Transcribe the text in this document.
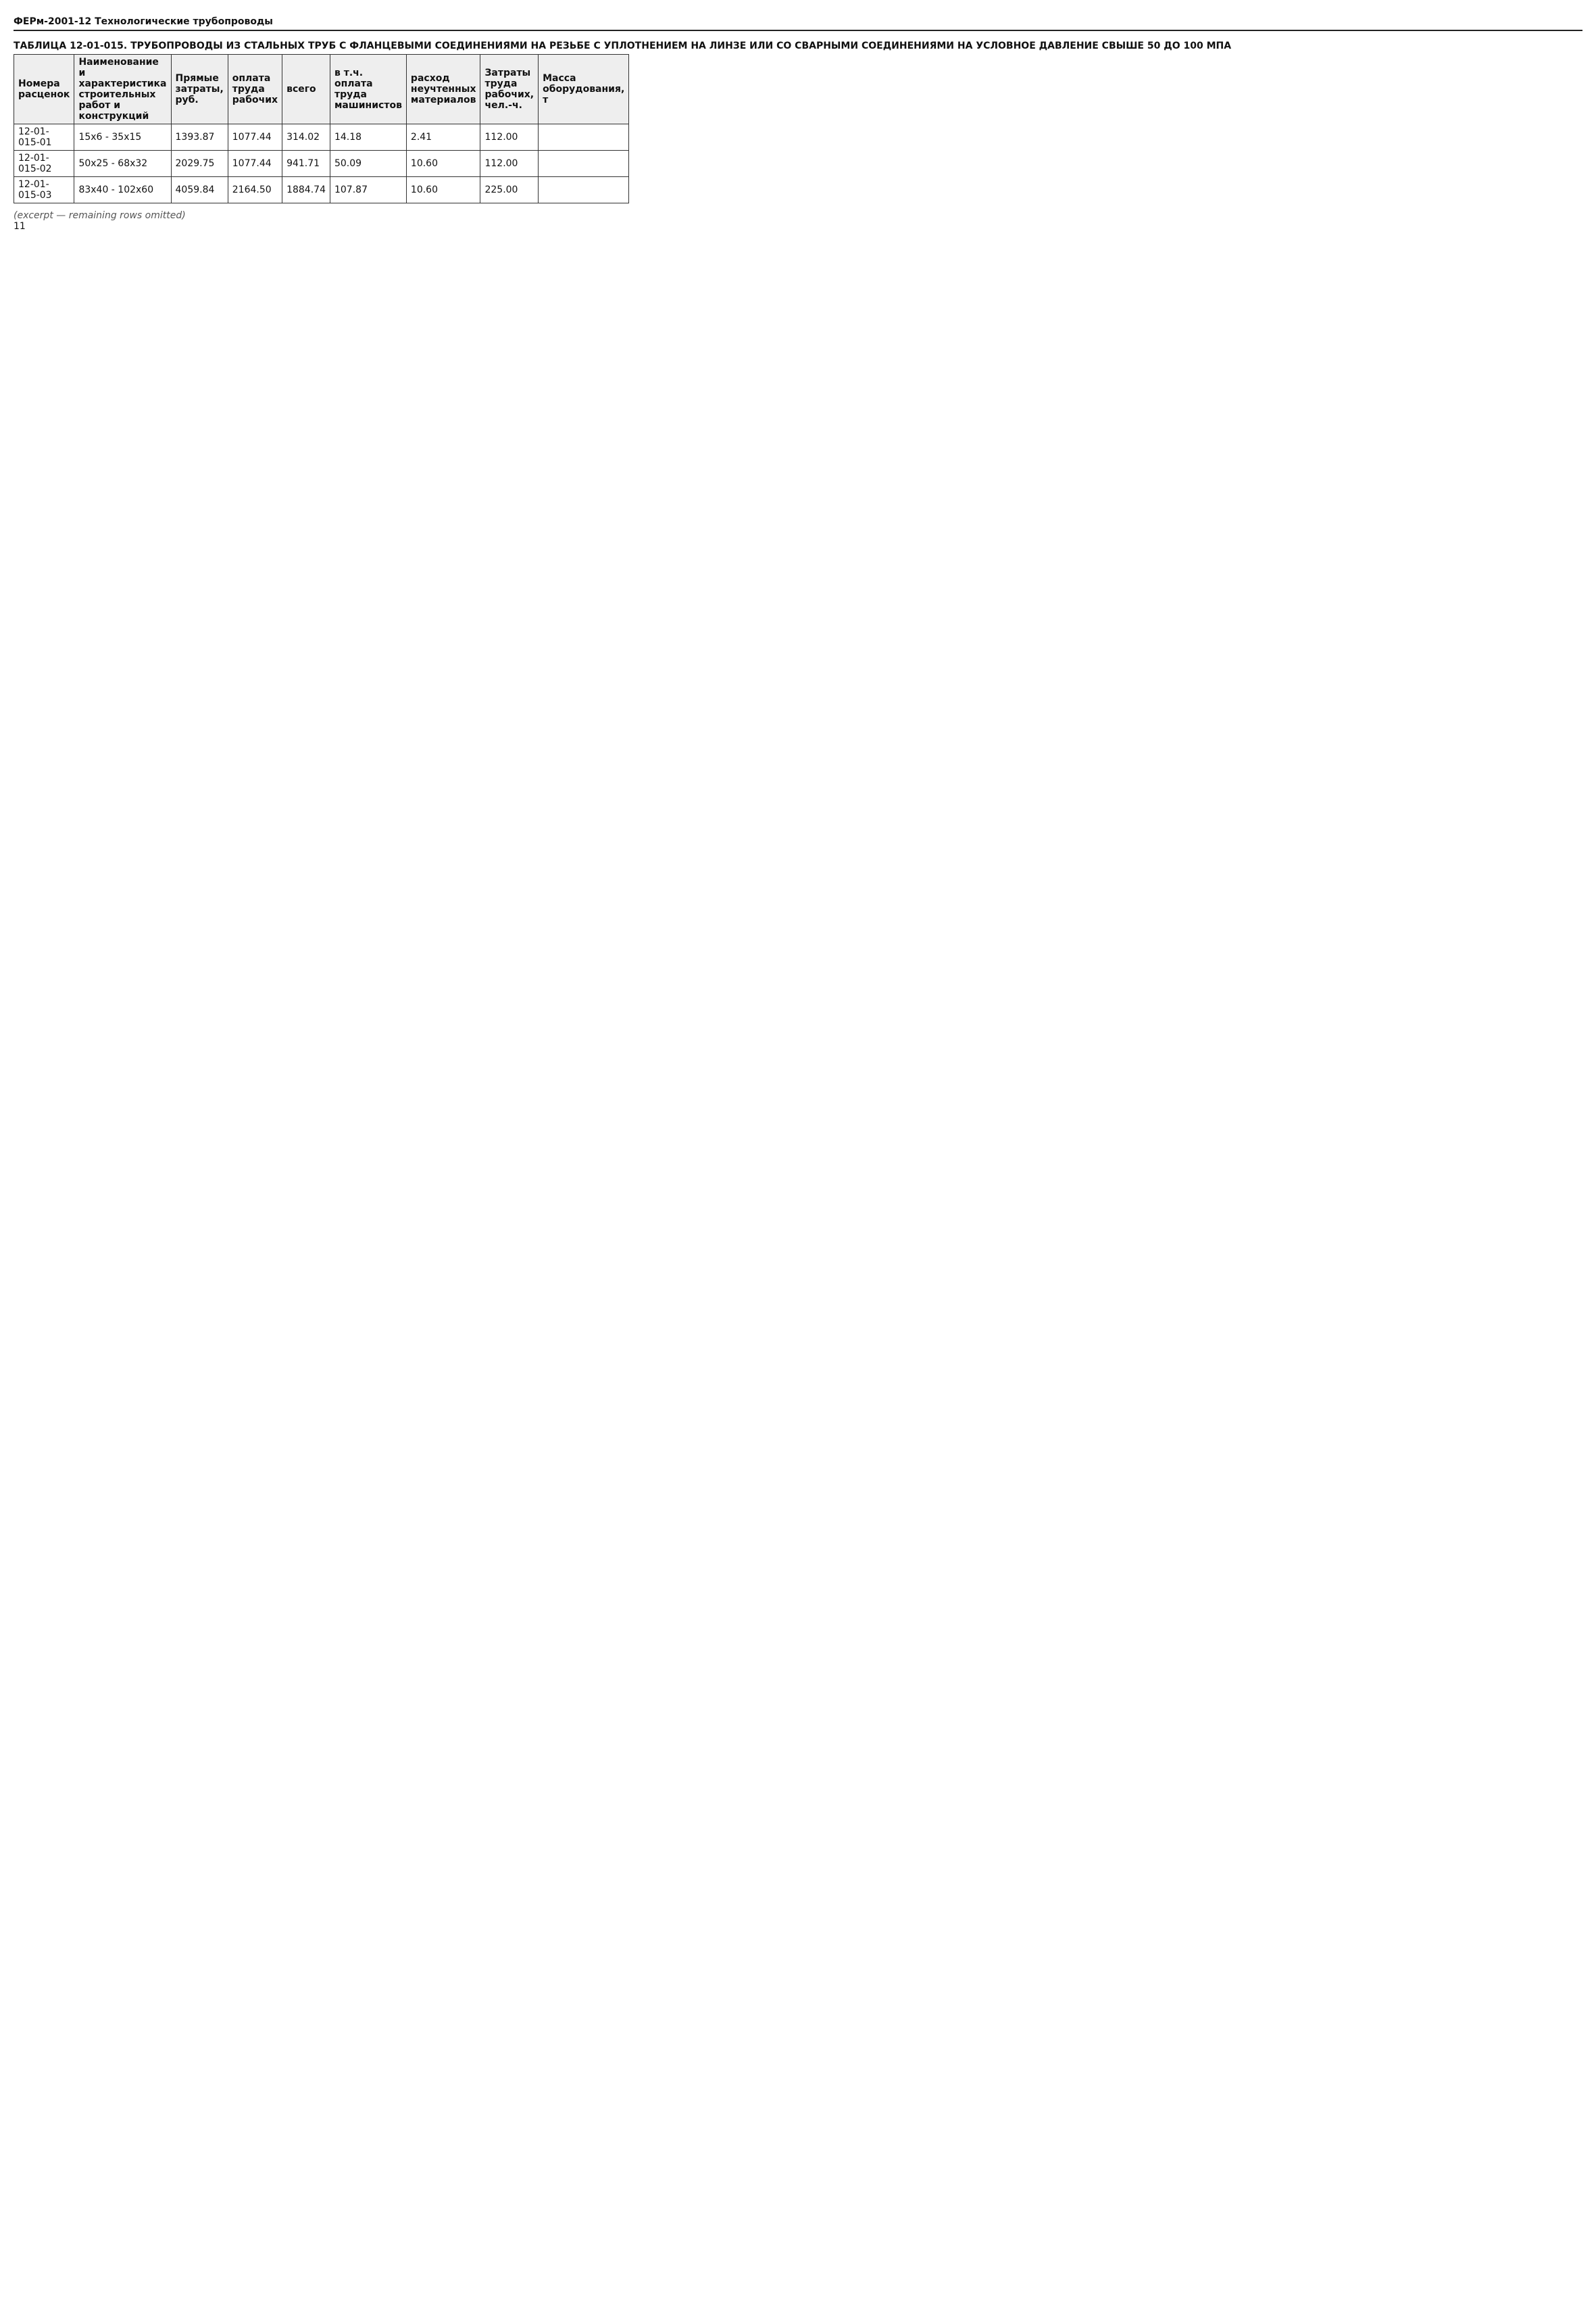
ФЕРм-2001-12 Технологические трубопроводы
ТАБЛИЦА 12-01-015. ТРУБОПРОВОДЫ ИЗ СТАЛЬНЫХ ТРУБ С ФЛАНЦЕВЫМИ СОЕДИНЕНИЯМИ НА РЕЗЬБЕ С УПЛОТНЕНИЕМ НА ЛИНЗЕ ИЛИ СО СВАРНЫМИ СОЕДИНЕНИЯМИ НА УСЛОВНОЕ ДАВЛЕНИЕ СВЫШЕ 50 ДО 100 МПА
Номера расценок	Наименование и характеристика строительных работ и конструкций	Прямые затраты, руб.	оплата труда рабочих	всего	в т.ч. оплата труда машинистов	расход неучтенных материалов	Затраты труда рабочих, чел.-ч.	Масса оборудования, т
12-01-015-01	15x6 - 35x15	1393.87	1077.44	314.02	14.18	2.41	112.00	
12-01-015-02	50x25 - 68x32	2029.75	1077.44	941.71	50.09	10.60	112.00	
12-01-015-03	83x40 - 102x60	4059.84	2164.50	1884.74	107.87	10.60	225.00	
(excerpt — remaining rows omitted)
11
